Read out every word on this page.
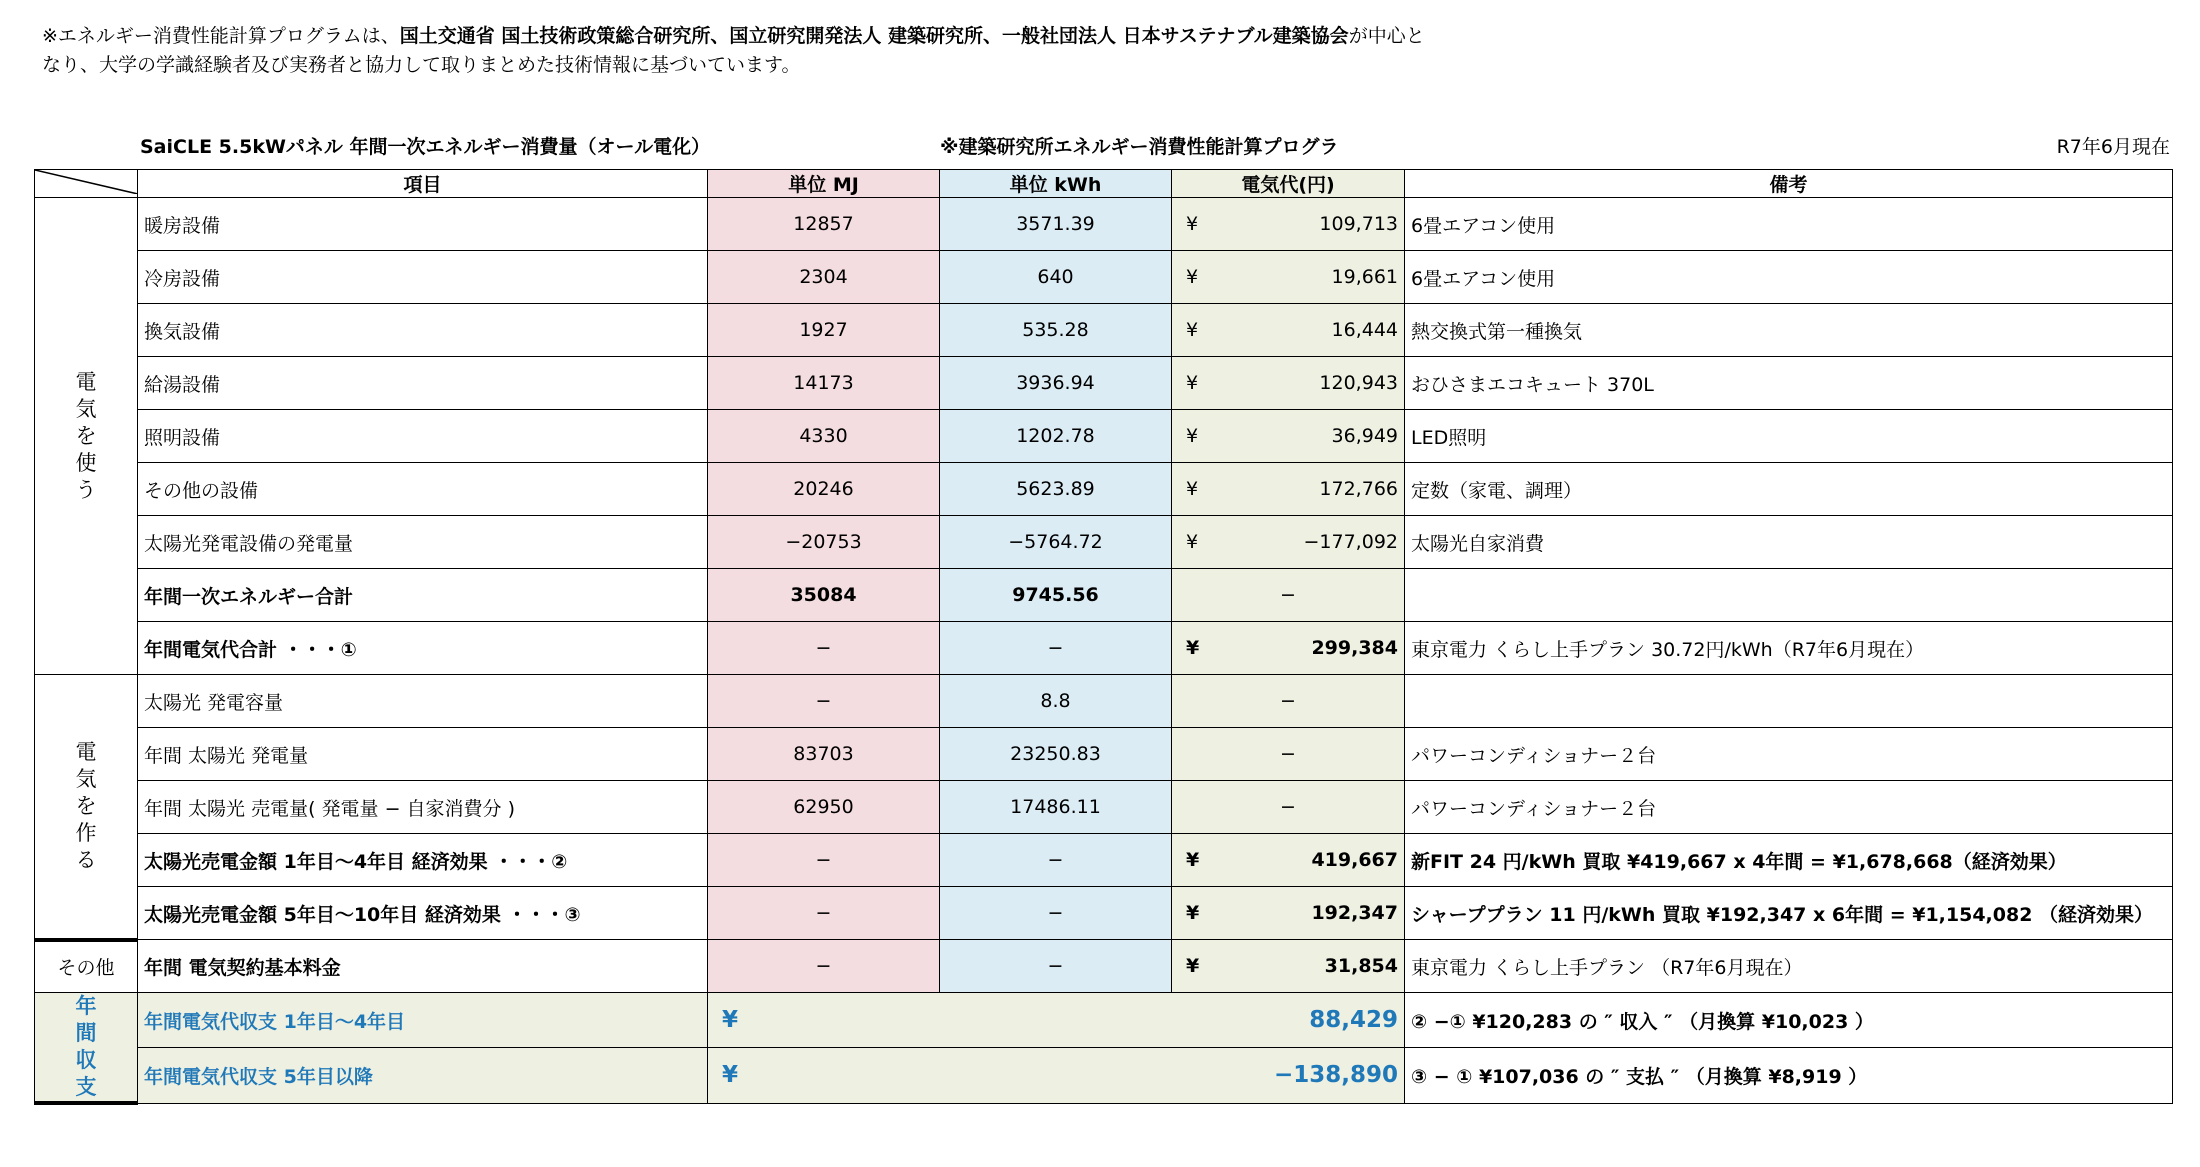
※エネルギー消費性能計算プログラムは、国土交通省 国土技術政策総合研究所、国立研究開発法人 建築研究所、一般社団法人 日本サステナブル建築協会が中心となり、大学の学識経験者及び実務者と協力して取りまとめた技術情報に基づいています。
SaiCLE 5.5kWパネル 年間一次エネルギー消費量（オール電化）	※建築研究所エネルギー消費性能計算プログラ	R7年6月現在
	項目	単位 MJ	単位 kWh	電気代(円)	備考
電気を使う	暖房設備	12857	3571.39	¥ 109,713	6畳エアコン使用
	冷房設備	2304	640	¥ 19,661	6畳エアコン使用
	換気設備	1927	535.28	¥ 16,444	熱交換式第一種換気
	給湯設備	14173	3936.94	¥ 120,943	おひさまエコキュート 370L
	照明設備	4330	1202.78	¥ 36,949	LED照明
	その他の設備	20246	5623.89	¥ 172,766	定数（家電、調理）
	太陽光発電設備の発電量	−20753	−5764.72	¥ −177,092	太陽光自家消費
	年間一次エネルギー合計	35084	9745.56	−	
	年間電気代合計 ・・・①	−	−	¥ 299,384	東京電力 くらし上手プラン 30.72円/kWh（R7年6月現在）
電気を作る	太陽光 発電容量	−	8.8	−	
	年間 太陽光 発電量	83703	23250.83	−	パワーコンディショナー２台
	年間 太陽光 売電量( 発電量 − 自家消費分 )	62950	17486.11	−	パワーコンディショナー２台
	太陽光売電金額 1年目～4年目 経済効果 ・・・②	−	−	¥ 419,667	新FIT 24 円/kWh 買取 ¥419,667 x 4年間 = ¥1,678,668（経済効果）
	太陽光売電金額 5年目～10年目 経済効果 ・・・③	−	−	¥ 192,347	シャーププラン 11 円/kWh 買取 ¥192,347 x 6年間 = ¥1,154,082 （経済効果）
その他	年間 電気契約基本料金	−	−	¥ 31,854	東京電力 くらし上手プラン （R7年6月現在）
年間収支	年間電気代収支 1年目～4年目	¥ 88,429			② −① ¥120,283 の ″ 収入 ″ （月換算 ¥10,023 ）
	年間電気代収支 5年目以降	¥ −138,890			③ − ① ¥107,036 の ″ 支払 ″ （月換算 ¥8,919 ）
